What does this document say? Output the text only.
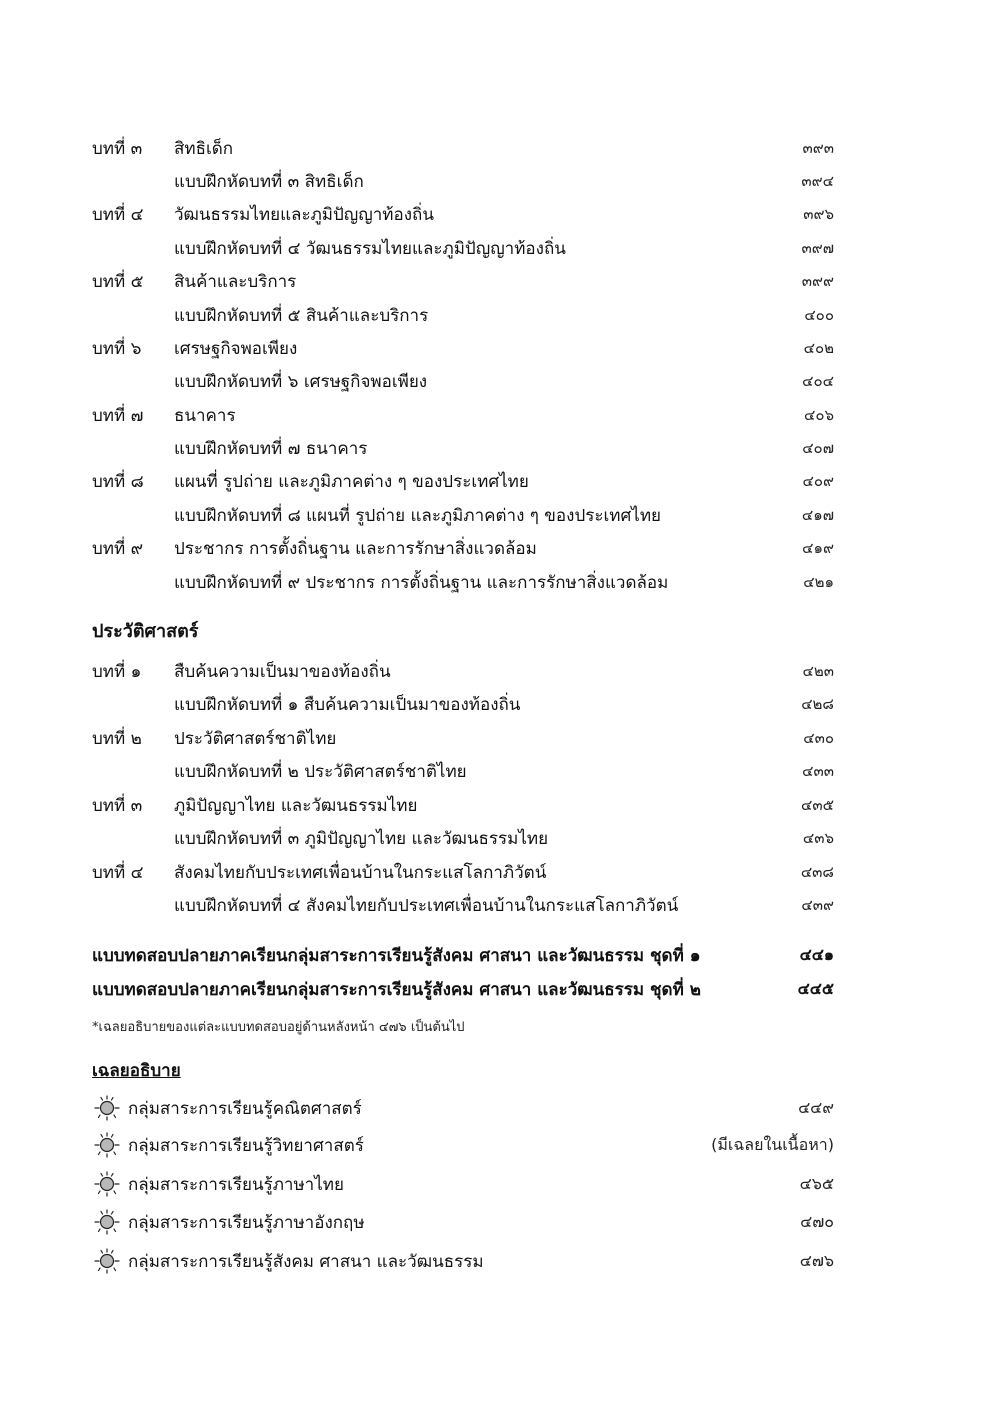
บทที่ ๓	สิทธิเด็ก	๓๙๓
แบบฝึกหัดบทที่ ๓ สิทธิเด็ก	๓๙๔
บทที่ ๔	วัฒนธรรมไทยและภูมิปัญญาท้องถิ่น	๓๙๖
แบบฝึกหัดบทที่ ๔ วัฒนธรรมไทยและภูมิปัญญาท้องถิ่น	๓๙๗
บทที่ ๕	สินค้าและบริการ	๓๙๙
แบบฝึกหัดบทที่ ๕ สินค้าและบริการ	๔๐๐
บทที่ ๖	เศรษฐกิจพอเพียง	๔๐๒
แบบฝึกหัดบทที่ ๖ เศรษฐกิจพอเพียง	๔๐๔
บทที่ ๗	ธนาคาร	๔๐๖
แบบฝึกหัดบทที่ ๗ ธนาคาร	๔๐๗
บทที่ ๘	แผนที่ รูปถ่าย และภูมิภาคต่าง ๆ ของประเทศไทย	๔๐๙
แบบฝึกหัดบทที่ ๘ แผนที่ รูปถ่าย และภูมิภาคต่าง ๆ ของประเทศไทย	๔๑๗
บทที่ ๙	ประชากร การตั้งถิ่นฐาน และการรักษาสิ่งแวดล้อม	๔๑๙
แบบฝึกหัดบทที่ ๙ ประชากร การตั้งถิ่นฐาน และการรักษาสิ่งแวดล้อม	๔๒๑
ประวัติศาสตร์
บทที่ ๑	สืบค้นความเป็นมาของท้องถิ่น	๔๒๓
แบบฝึกหัดบทที่ ๑ สืบค้นความเป็นมาของท้องถิ่น	๔๒๘
บทที่ ๒	ประวัติศาสตร์ชาติไทย	๔๓๐
แบบฝึกหัดบทที่ ๒ ประวัติศาสตร์ชาติไทย	๔๓๓
บทที่ ๓	ภูมิปัญญาไทย และวัฒนธรรมไทย	๔๓๕
แบบฝึกหัดบทที่ ๓ ภูมิปัญญาไทย และวัฒนธรรมไทย	๔๓๖
บทที่ ๔	สังคมไทยกับประเทศเพื่อนบ้านในกระแสโลกาภิวัตน์	๔๓๘
แบบฝึกหัดบทที่ ๔ สังคมไทยกับประเทศเพื่อนบ้านในกระแสโลกาภิวัตน์	๔๓๙
แบบทดสอบปลายภาคเรียนกลุ่มสาระการเรียนรู้สังคม ศาสนา และวัฒนธรรม ชุดที่ ๑	๔๔๑
แบบทดสอบปลายภาคเรียนกลุ่มสาระการเรียนรู้สังคม ศาสนา และวัฒนธรรม ชุดที่ ๒	๔๔๕
*เฉลยอธิบายของแต่ละแบบทดสอบอยู่ด้านหลังหน้า ๔๗๖ เป็นต้นไป
เฉลยอธิบาย
กลุ่มสาระการเรียนรู้คณิตศาสตร์	๔๔๙
กลุ่มสาระการเรียนรู้วิทยาศาสตร์	(มีเฉลยในเนื้อหา)
กลุ่มสาระการเรียนรู้ภาษาไทย	๔๖๕
กลุ่มสาระการเรียนรู้ภาษาอังกฤษ	๔๗๐
กลุ่มสาระการเรียนรู้สังคม ศาสนา และวัฒนธรรม	๔๗๖
